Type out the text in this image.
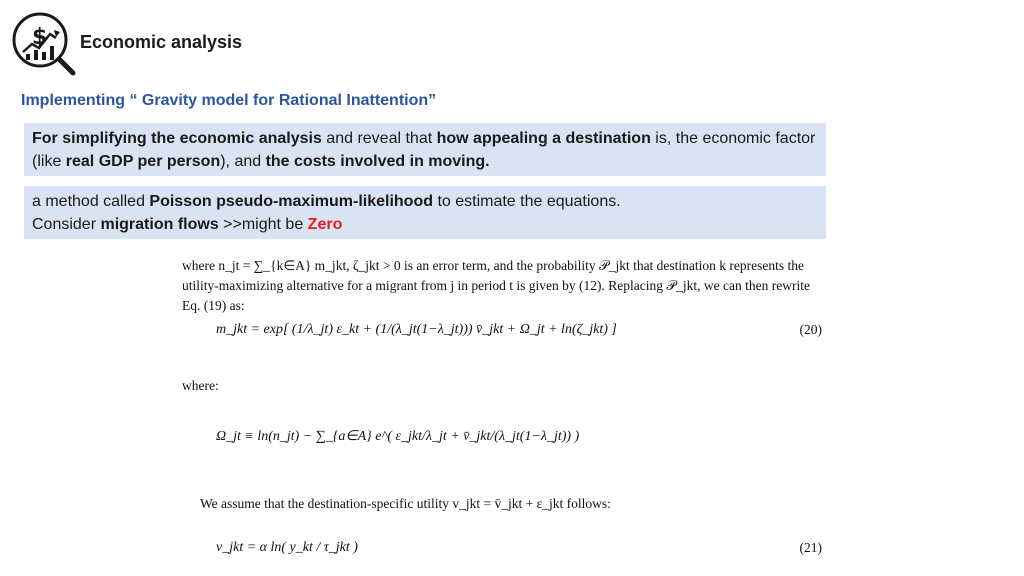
$ Economic analysis
Implementing “ Gravity model for Rational Inattention”
For simplifying the economic analysis and reveal that how appealing a destination is, the economic factor (like real GDP per person), and the costs involved in moving.
a method called Poisson pseudo-maximum-likelihood to estimate the equations.
Consider migration flows >>might be Zero
where n_jt = ∑_{k∈A} m_jkt, ζ_jkt > 0 is an error term, and the probability 𝒫_jkt that destination k represents the utility-maximizing alternative for a migrant from j in period t is given by (12). Replacing 𝒫_jkt, we can then rewrite Eq. (19) as:
m_jkt = exp[ (1/λ_jt) ε_kt + (1/(λ_jt(1−λ_jt))) v̄_jkt + Ω_jt + ln(ζ_jkt) ]	(20)
where:
Ω_jt ≡ ln(n_jt) − ∑_{a∈A} e^( ε_jkt/λ_jt + v̄_jkt/(λ_jt(1−λ_jt)) )
We assume that the destination-specific utility v_jkt = v̄_jkt + ε_jkt follows:
v_jkt = α ln( y_kt / τ_jkt )	(21)
